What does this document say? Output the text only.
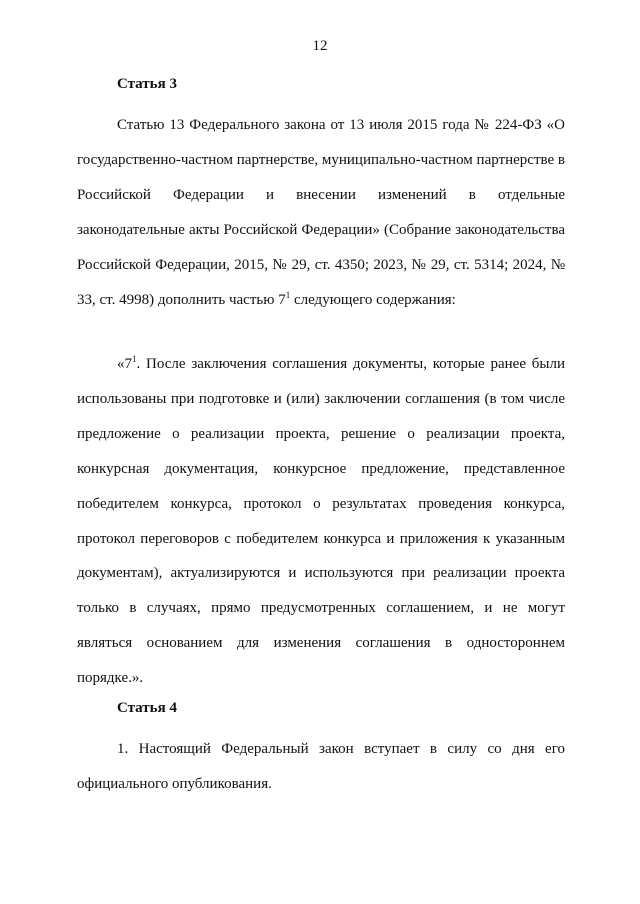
12
Статья 3
Статью 13 Федерального закона от 13 июля 2015 года № 224-ФЗ «О государственно-частном партнерстве, муниципально-частном партнерстве в Российской Федерации и внесении изменений в отдельные законодательные акты Российской Федерации» (Собрание законодательства Российской Федерации, 2015, № 29, ст. 4350; 2023, № 29, ст. 5314; 2024, № 33, ст. 4998) дополнить частью $7^1$ следующего содержания:
«$7^1$. После заключения соглашения документы, которые ранее были использованы при подготовке и (или) заключении соглашения (в том числе предложение о реализации проекта, решение о реализации проекта, конкурсная документация, конкурсное предложение, представленное победителем конкурса, протокол о результатах проведения конкурса, протокол переговоров с победителем конкурса и приложения к указанным документам), актуализируются и используются при реализации проекта только в случаях, прямо предусмотренных соглашением, и не могут являться основанием для изменения соглашения в одностороннем порядке.».
Статья 4
1. Настоящий Федеральный закон вступает в силу со дня его официального опубликования.
